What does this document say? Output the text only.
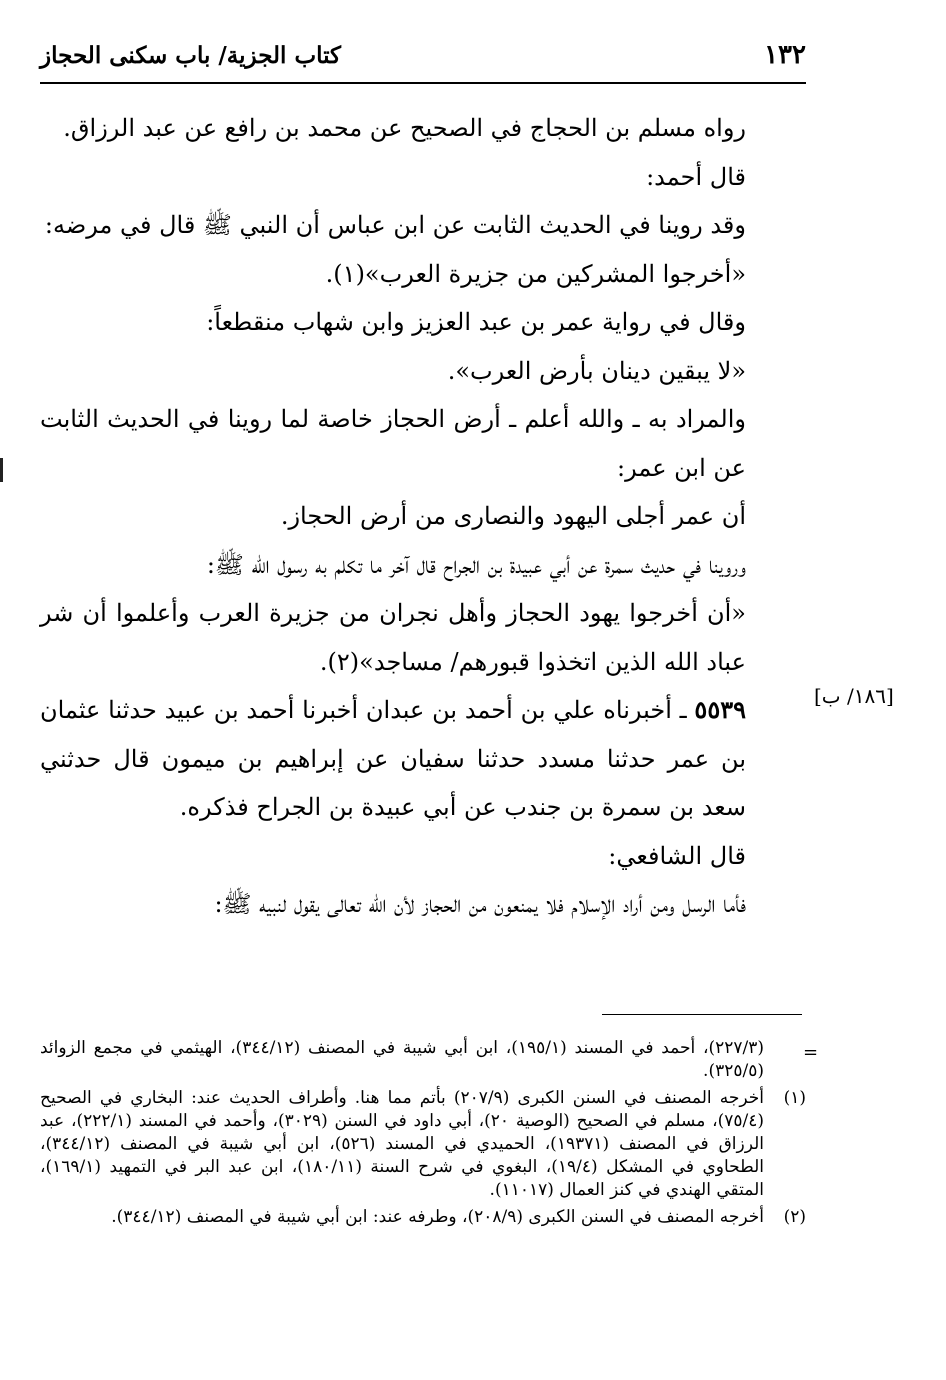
١٣٢
كتاب الجزية/ باب سكنى الحجاز

رواه مسلم بن الحجاج في الصحيح عن محمد بن رافع عن عبد الرزاق.

قال أحمد:

وقد روينا في الحديث الثابت عن ابن عباس أن النبي ﷺ قال في مرضه:

«أخرجوا المشركين من جزيرة العرب»(١).

وقال في رواية عمر بن عبد العزيز وابن شهاب منقطعاً:

«لا يبقين دينان بأرض العرب».

والمراد به ـ والله أعلم ـ أرض الحجاز خاصة لما روينا في الحديث الثابت عن ابن عمر:

أن عمر أجلى اليهود والنصارى من أرض الحجاز.

وروينا في حديث سمرة عن أبي عبيدة بن الجراح قال آخر ما تكلم به رسول الله ﷺ:

«أن أخرجوا يهود الحجاز وأهل نجران من جزيرة العرب وأعلموا أن شر عباد الله الذين اتخذوا قبورهم/ مساجد»(٢).

٥٥٣٩ ـ أخبرناه علي بن أحمد بن عبدان أخبرنا أحمد بن عبيد حدثنا عثمان بن عمر حدثنا مسدد حدثنا سفيان عن إبراهيم بن ميمون قال حدثني سعد بن سمرة بن جندب عن أبي عبيدة بن الجراح فذكره.

قال الشافعي:

فأما الرسل ومن أراد الإسلام فلا يمنعون من الحجاز لأن الله تعالى يقول لنبيه ﷺ:

[١٨٦/ ب]
=

(٢٢٧/٣)، أحمد في المسند (١٩٥/١)، ابن أبي شيبة في المصنف (٣٤٤/١٢)، الهيثمي في مجمع الزوائد (٣٢٥/٥).

(١)
أخرجه المصنف في السنن الكبرى (٢٠٧/٩) بأتم مما هنا. وأطراف الحديث عند: البخاري في الصحيح (٧٥/٤)، مسلم في الصحيح (الوصية ٢٠)، أبي داود في السنن (٣٠٢٩)، وأحمد في المسند (٢٢٢/١)، عبد الرزاق في المصنف (١٩٣٧١)، الحميدي في المسند (٥٢٦)، ابن أبي شيبة في المصنف (٣٤٤/١٢)، الطحاوي في المشكل (١٩/٤)، البغوي في شرح السنة (١٨٠/١١)، ابن عبد البر في التمهيد (١٦٩/١)، المتقي الهندي في كنز العمال (١١٠١٧).

(٢)
أخرجه المصنف في السنن الكبرى (٢٠٨/٩)، وطرفه عند: ابن أبي شيبة في المصنف (٣٤٤/١٢).
